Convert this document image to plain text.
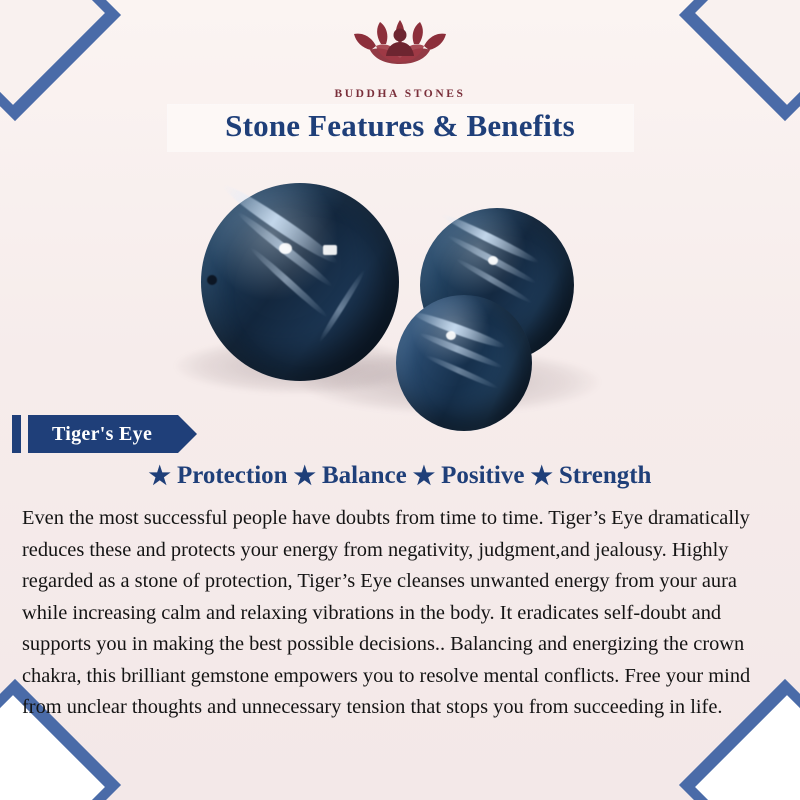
BUDDHA STONES
Stone Features & Benefits
Tiger's Eye
★ Protection ★ Balance ★ Positive ★ Strength
Even the most successful people have doubts from time to time. Tiger’s Eye dramatically reduces these and protects your energy from negativity, judgment,and jealousy. Highly regarded as a stone of protection, Tiger’s Eye cleanses unwanted energy from your aura while increasing calm and relaxing vibrations in the body. It eradicates self-doubt and supports you in making the best possible decisions.. Balancing and energizing the crown chakra, this brilliant gemstone empowers you to resolve mental conflicts. Free your mind from unclear thoughts and unnecessary tension that stops you from succeeding in life.
